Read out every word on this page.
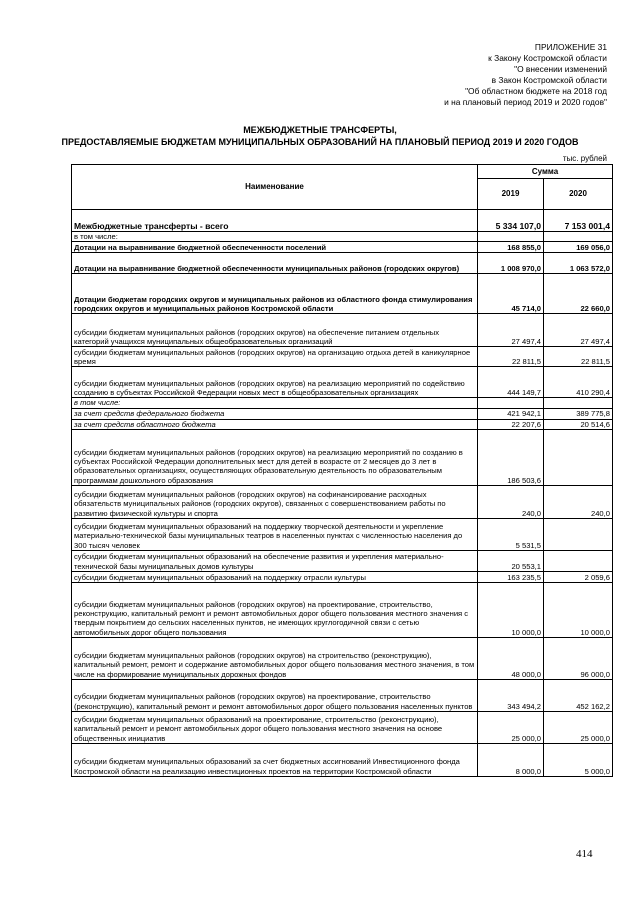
ПРИЛОЖЕНИЕ 31
к Закону Костромской области
"О внесении изменений
в Закон Костромской области
"Об областном бюджете на 2018 год
и на плановый период 2019 и 2020 годов"
МЕЖБЮДЖЕТНЫЕ ТРАНСФЕРТЫ,
ПРЕДОСТАВЛЯЕМЫЕ БЮДЖЕТАМ МУНИЦИПАЛЬНЫХ ОБРАЗОВАНИЙ НА ПЛАНОВЫЙ ПЕРИОД 2019 И 2020 ГОДОВ
тыс. рублей
Наименование	Сумма	
	2019	2020
Межбюджетные трансферты - всего	5 334 107,0	7 153 001,4
в том числе:		
Дотации на выравнивание бюджетной обеспеченности поселений	168 855,0	169 056,0
Дотации на выравнивание бюджетной обеспеченности муниципальных районов (городских округов)	1 008 970,0	1 063 572,0
Дотации бюджетам городских округов и муниципальных районов из областного фонда стимулирования городских округов и муниципальных районов Костромской области	45 714,0	22 660,0
субсидии бюджетам муниципальных районов (городских округов) на обеспечение питанием отдельных категорий учащихся муниципальных общеобразовательных организаций	27 497,4	27 497,4
субсидии бюджетам муниципальных районов (городских округов) на организацию отдыха детей в каникулярное время	22 811,5	22 811,5
субсидии бюджетам муниципальных районов (городских округов) на реализацию мероприятий по содействию созданию в субъектах Российской Федерации новых мест в общеобразовательных организациях	444 149,7	410 290,4
в том числе:		
за счет средств федерального бюджета	421 942,1	389 775,8
за счет средств областного бюджета	22 207,6	20 514,6
субсидии бюджетам муниципальных районов (городских округов) на реализацию мероприятий по созданию в субъектах Российской Федерации дополнительных мест для детей в возрасте от 2 месяцев до 3 лет в образовательных организациях, осуществляющих образовательную деятельность по образовательным программам дошкольного образования	186 503,6	
субсидии бюджетам муниципальных районов (городских округов) на софинансирование расходных обязательств муниципальных районов (городских округов), связанных с совершенствованием работы по развитию физической культуры и спорта	240,0	240,0
субсидии бюджетам муниципальных образований на поддержку творческой деятельности и укрепление материально-технической базы муниципальных театров в населенных пунктах с численностью населения до 300 тысяч человек	5 531,5	
субсидии бюджетам муниципальных образований на обеспечение развития и укрепления материально-технической базы муниципальных домов культуры	20 553,1	
субсидии бюджетам муниципальных образований на поддержку отрасли культуры	163 235,5	2 059,6
субсидии бюджетам муниципальных районов (городских округов) на проектирование, строительство, реконструкцию, капитальный ремонт и ремонт автомобильных дорог общего пользования местного значения с твердым покрытием до сельских населенных пунктов, не имеющих круглогодичной связи с сетью автомобильных дорог общего пользования	10 000,0	10 000,0
субсидии бюджетам муниципальных районов (городских округов) на строительство (реконструкцию), капитальный ремонт, ремонт и содержание автомобильных дорог общего пользования местного значения, в том числе на формирование муниципальных дорожных фондов	48 000,0	96 000,0
субсидии бюджетам муниципальных районов (городских округов) на проектирование, строительство (реконструкцию), капитальный ремонт и ремонт автомобильных дорог общего пользования населенных пунктов	343 494,2	452 162,2
субсидии бюджетам муниципальных образований на проектирование, строительство (реконструкцию), капитальный ремонт и ремонт автомобильных дорог общего пользования местного значения на основе общественных инициатив	25 000,0	25 000,0
субсидии бюджетам муниципальных образований за счет бюджетных ассигнований Инвестиционного фонда Костромской области на реализацию инвестиционных проектов на территории Костромской области	8 000,0	5 000,0
414
